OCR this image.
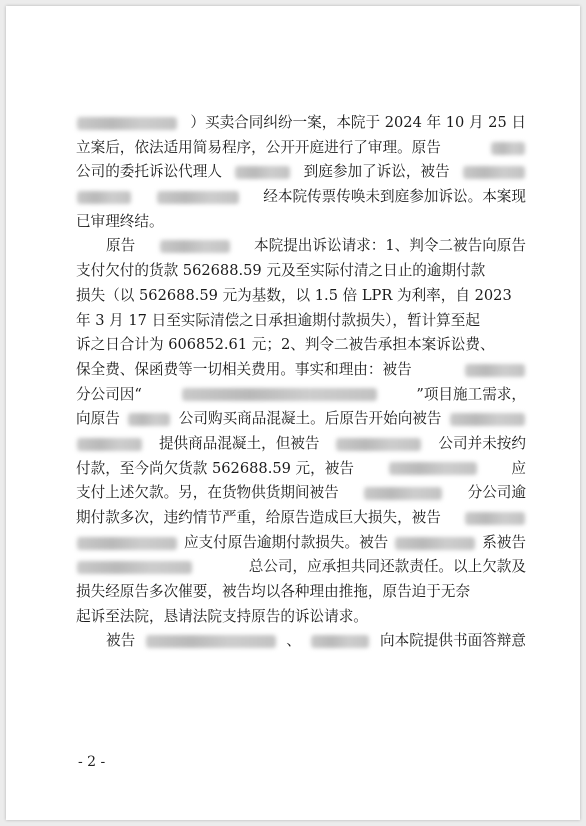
）买卖合同纠纷一案，本院于 2024 年 10 月 25 日
立案后，依法适用简易程序，公开开庭进行了审理。原告
公司的委托诉讼代理人	到庭参加了诉讼，被告
经本院传票传唤未到庭参加诉讼。本案现
已审理终结。
原告	本院提出诉讼请求：1、判令二被告向原告
支付欠付的货款 562688.59 元及至实际付清之日止的逾期付款
损失（以 562688.59 元为基数，以 1.5 倍 LPR 为利率，自 2023
年 3 月 17 日至实际清偿之日承担逾期付款损失），暂计算至起
诉之日合计为 606852.61 元；2、判令二被告承担本案诉讼费、
保全费、保函费等一切相关费用。事实和理由：被告
分公司因“	”项目施工需求，
向原告	公司购买商品混凝土。后原告开始向被告
提供商品混凝土，但被告	公司并未按约
付款，至今尚欠货款 562688.59 元，被告	应
支付上述欠款。另，在货物供货期间被告	分公司逾
期付款多次，违约情节严重，给原告造成巨大损失，被告
应支付原告逾期付款损失。被告	系被告
总公司，应承担共同还款责任。以上欠款及
损失经原告多次催要，被告均以各种理由推拖，原告迫于无奈
起诉至法院，恳请法院支持原告的诉讼请求。
被告	、	向本院提供书面答辩意
- 2 -
